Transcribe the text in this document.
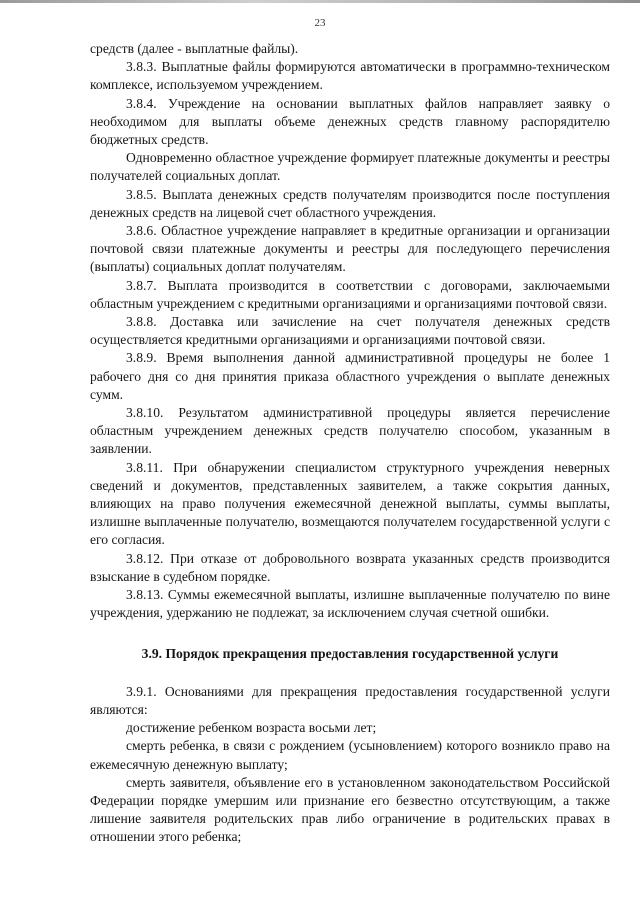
23

средств (далее - выплатные файлы).

3.8.3. Выплатные файлы формируются автоматически в программно-техническом комплексе, используемом учреждением.

3.8.4. Учреждение на основании выплатных файлов направляет заявку о необходимом для выплаты объеме денежных средств главному распорядителю бюджетных средств.

Одновременно областное учреждение формирует платежные документы и реестры получателей социальных доплат.

3.8.5. Выплата денежных средств получателям производится после поступления денежных средств на лицевой счет областного учреждения.

3.8.6. Областное учреждение направляет в кредитные организации и организации почтовой связи платежные документы и реестры для последующего перечисления (выплаты) социальных доплат получателям.

3.8.7. Выплата производится в соответствии с договорами, заключаемыми областным учреждением с кредитными организациями и организациями почтовой связи.

3.8.8. Доставка или зачисление на счет получателя денежных средств осуществляется кредитными организациями и организациями почтовой связи.

3.8.9. Время выполнения данной административной процедуры не более 1 рабочего дня со дня принятия приказа областного учреждения о выплате денежных сумм.

3.8.10. Результатом административной процедуры является перечисление областным учреждением денежных средств получателю способом, указанным в заявлении.

3.8.11. При обнаружении специалистом структурного учреждения неверных сведений и документов, представленных заявителем, а также сокрытия данных, влияющих на право получения ежемесячной денежной выплаты, суммы выплаты, излишне выплаченные получателю, возмещаются получателем государственной услуги с его согласия.

3.8.12. При отказе от добровольного возврата указанных средств производится взыскание в судебном порядке.

3.8.13. Суммы ежемесячной выплаты, излишне выплаченные получателю по вине учреждения, удержанию не подлежат, за исключением случая счетной ошибки.

3.9. Порядок прекращения предоставления государственной услуги

3.9.1. Основаниями для прекращения предоставления государственной услуги являются:

достижение ребенком возраста восьми лет;

смерть ребенка, в связи с рождением (усыновлением) которого возникло право на ежемесячную денежную выплату;

смерть заявителя, объявление его в установленном законодательством Российской Федерации порядке умершим или признание его безвестно отсутствующим, а также лишение заявителя родительских прав либо ограничение в родительских правах в отношении этого ребенка;
